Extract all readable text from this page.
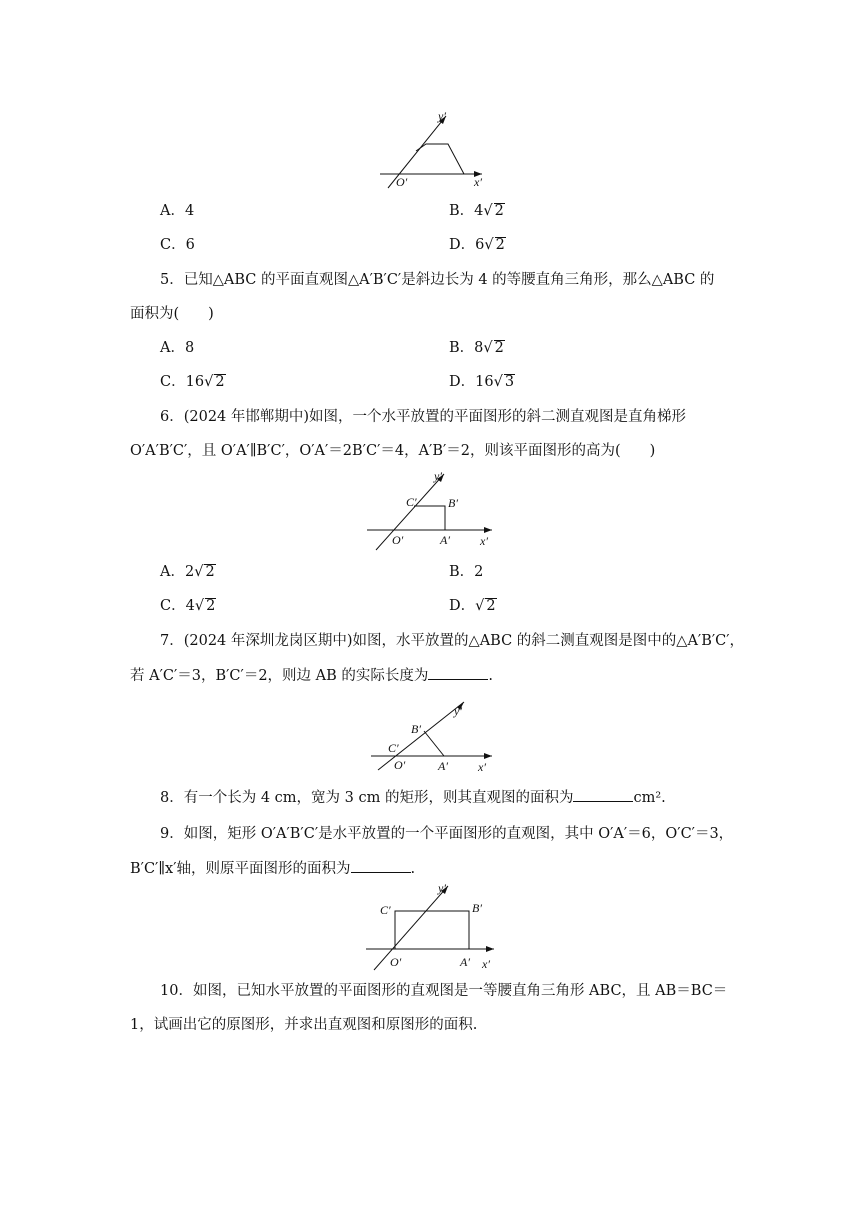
y′
O′	x′
A．4	B．4√ 2
C．6	D．6√ 2
5．已知△ABC 的平面直观图△A′B′C′是斜边长为 4 的等腰直角三角形，那么△ABC 的
面积为(　　)
A．8	B．8√ 2
C．16√ 2	D．16√ 3
6．(2024 年邯郸期中)如图，一个水平放置的平面图形的斜二测直观图是直角梯形
O′A′B′C′，且 O′A′∥B′C′，O′A′＝2B′C′＝4，A′B′＝2，则该平面图形的高为(　　)
y′
C′	B′
O′	A′	x′
A．2√ 2	B．2
C．4√ 2	D．√ 2
7．(2024 年深圳龙岗区期中)如图，水平放置的△ABC 的斜二测直观图是图中的△A′B′C′，
若 A′C′＝3，B′C′＝2，则边 AB 的实际长度为	.
B′
y′
C′
O′	A′	x′
8．有一个长为 4 cm，宽为 3 cm 的矩形，则其直观图的面积为	cm².
9．如图，矩形 O′A′B′C′是水平放置的一个平面图形的直观图，其中 O′A′＝6，O′C′＝3，
B′C′∥x′轴，则原平面图形的面积为	.
y′
C′	B′
O′	A′ x′
10．如图，已知水平放置的平面图形的直观图是一等腰直角三角形 ABC，且 AB＝BC＝
1，试画出它的原图形，并求出直观图和原图形的面积.
